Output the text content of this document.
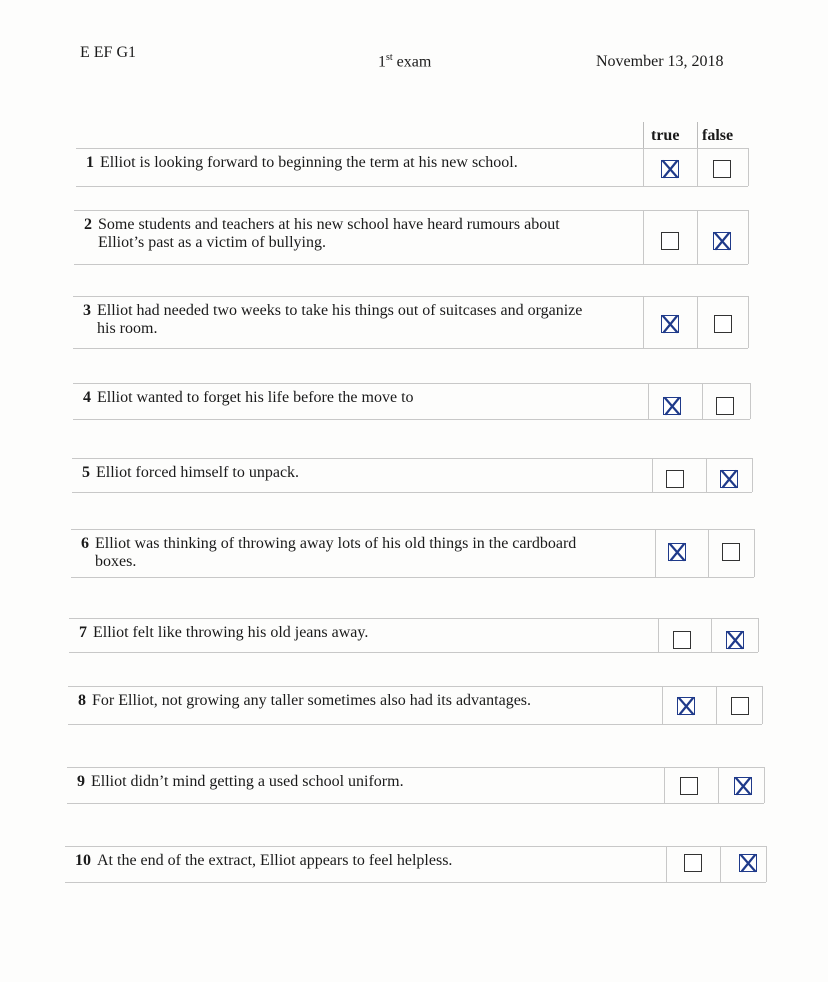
E EF G1
1st exam	November 13, 2018
true false
1 Elliot is looking forward to beginning the term at his new school.
2 Some students and teachers at his new school have heard rumours about
Elliot’s past as a victim of bullying.
3 Elliot had needed two weeks to take his things out of suitcases and organize
his room.
4 Elliot wanted to forget his life before the move to
5 Elliot forced himself to unpack.
6 Elliot was thinking of throwing away lots of his old things in the cardboard
boxes.
7 Elliot felt like throwing his old jeans away.
8 For Elliot, not growing any taller sometimes also had its advantages.
9 Elliot didn’t mind getting a used school uniform.
10 At the end of the extract, Elliot appears to feel helpless.
